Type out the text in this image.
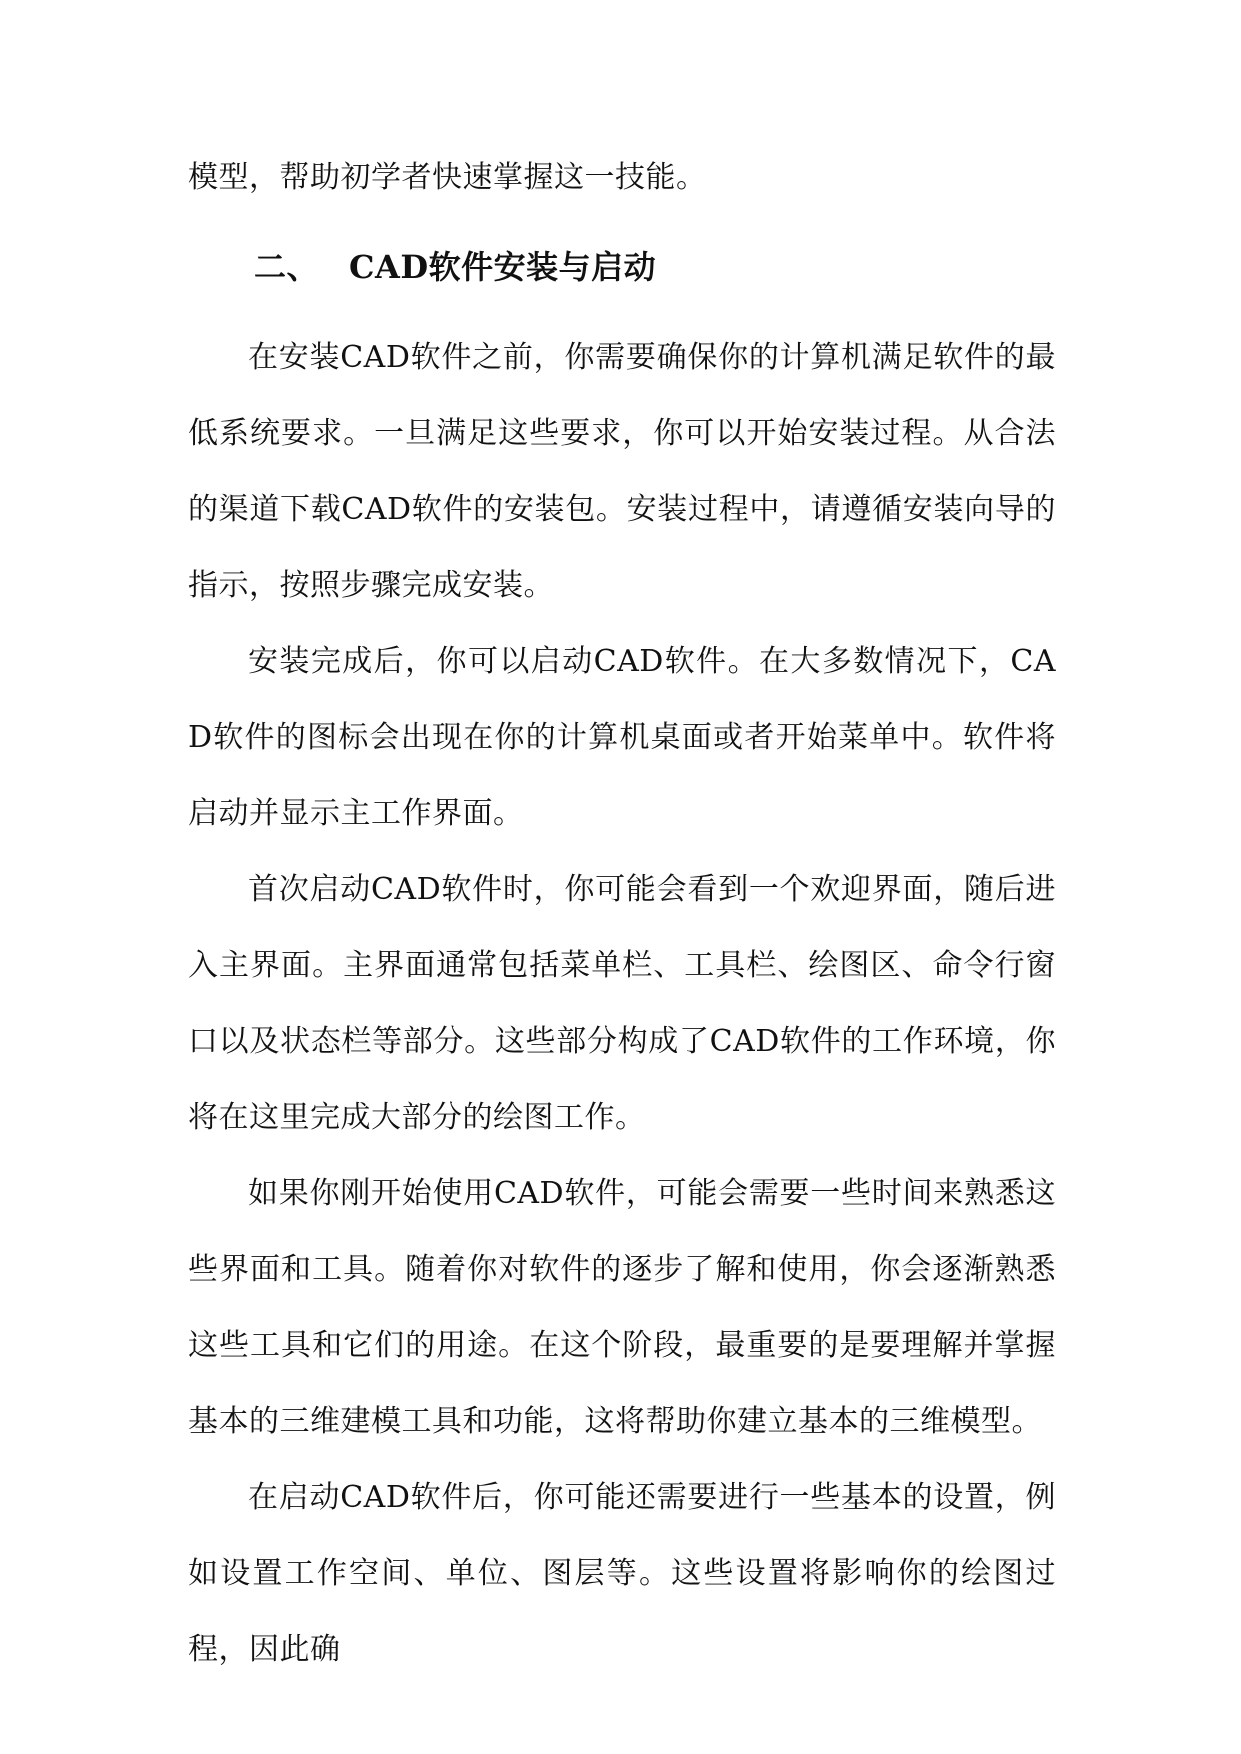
模型，帮助初学者快速掌握这一技能。

二、 CAD软件安装与启动

在安装CAD软件之前，你需要确保你的计算机满足软件的最低系统要求。一旦满足这些要求，你可以开始安装过程。从合法的渠道下载CAD软件的安装包。安装过程中，请遵循安装向导的指示，按照步骤完成安装。

安装完成后，你可以启动CAD软件。在大多数情况下，CAD软件的图标会出现在你的计算机桌面或者开始菜单中。软件将启动并显示主工作界面。

首次启动CAD软件时，你可能会看到一个欢迎界面，随后进入主界面。主界面通常包括菜单栏、工具栏、绘图区、命令行窗口以及状态栏等部分。这些部分构成了CAD软件的工作环境，你将在这里完成大部分的绘图工作。

如果你刚开始使用CAD软件，可能会需要一些时间来熟悉这些界面和工具。随着你对软件的逐步了解和使用，你会逐渐熟悉这些工具和它们的用途。在这个阶段，最重要的是要理解并掌握基本的三维建模工具和功能，这将帮助你建立基本的三维模型。

在启动CAD软件后，你可能还需要进行一些基本的设置，例如设置工作空间、单位、图层等。这些设置将影响你的绘图过程，因此确
